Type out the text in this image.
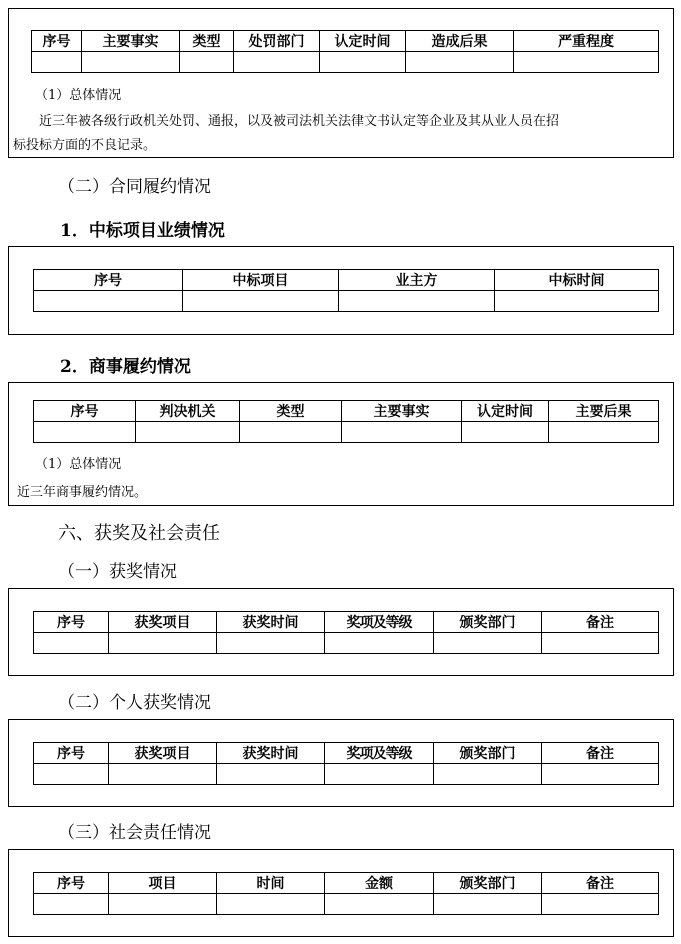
序号	主要事实	类型	处罚部门	认定时间	造成后果	严重程度

（1）总体情况
近三年被各级行政机关处罚、通报，以及被司法机关法律文书认定等企业及其从业人员在招
标投标方面的不良记录。
（二）合同履约情况
1．中标项目业绩情况
序号	中标项目	业主方	中标时间

2．商事履约情况
序号	判决机关	类型	主要事实	认定时间	主要后果

（1）总体情况
近三年商事履约情况。
六、获奖及社会责任
（一）获奖情况
序号	获奖项目	获奖时间	奖项及等级	颁奖部门	备注

（二）个人获奖情况
序号	获奖项目	获奖时间	奖项及等级	颁奖部门	备注

（三）社会责任情况
序号	项目	时间	金额	颁奖部门	备注
